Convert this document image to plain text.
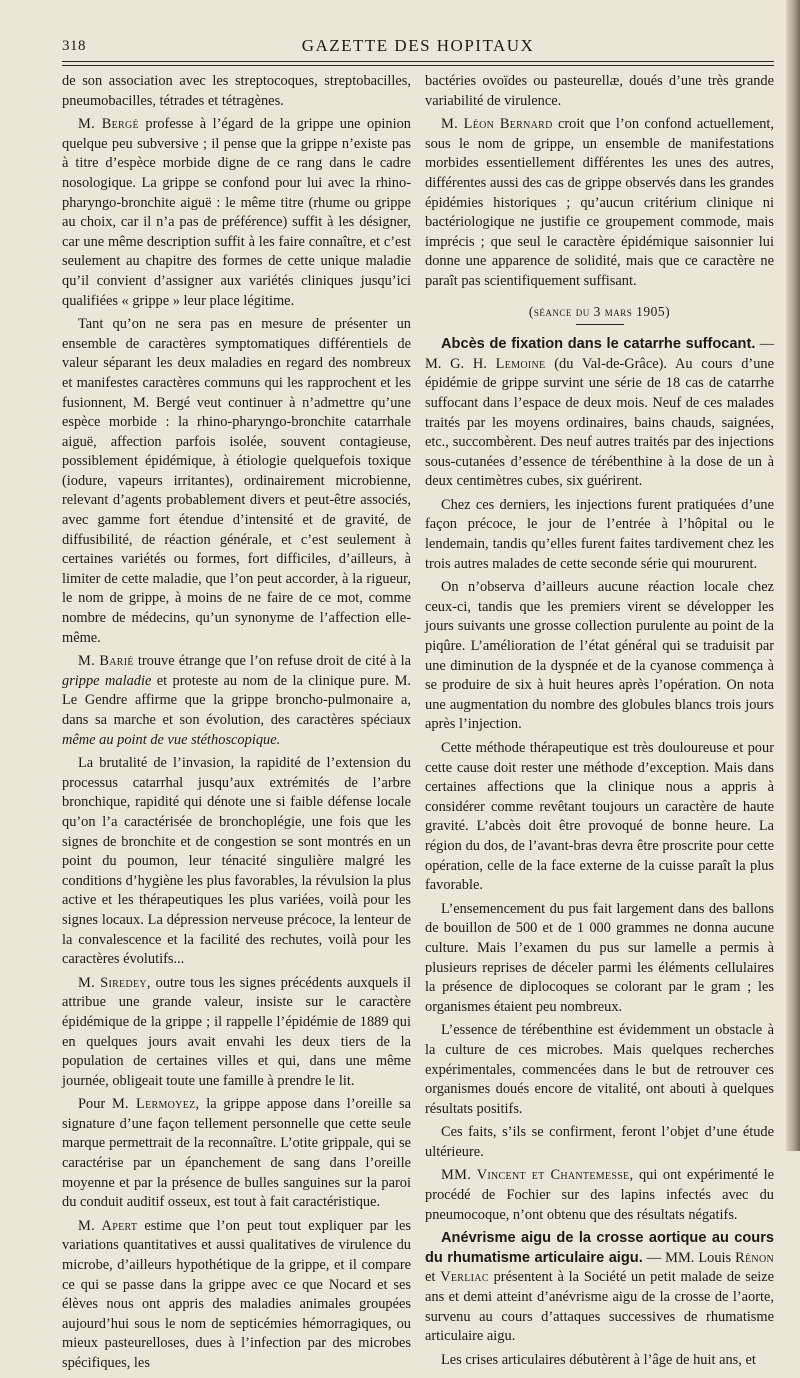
318	GAZETTE DES HOPITAUX

de son association avec les streptocoques, streptobacilles, pneumobacilles, tétrades et tétragènes.

M. Bergé professe à l’égard de la grippe une opinion quelque peu subversive ; il pense que la grippe n’existe pas à titre d’espèce morbide digne de ce rang dans le cadre nosologique. La grippe se confond pour lui avec la rhino-pharyngo-bronchite aiguë : le même titre (rhume ou grippe au choix, car il n’a pas de préférence) suffit à les désigner, car une même description suffit à les faire connaître, et c’est seulement au chapitre des formes de cette unique maladie qu’il convient d’assigner aux variétés cliniques jusqu’ici qualifiées « grippe » leur place légitime.

Tant qu’on ne sera pas en mesure de présenter un ensemble de caractères symptomatiques différentiels de valeur séparant les deux maladies en regard des nombreux et manifestes caractères communs qui les rapprochent et les fusionnent, M. Bergé veut continuer à n’admettre qu’une espèce morbide : la rhino-pharyngo-bronchite catarrhale aiguë, affection parfois isolée, souvent contagieuse, possiblement épidémique, à étiologie quelquefois toxique (iodure, vapeurs irritantes), ordinairement microbienne, relevant d’agents probablement divers et peut-être associés, avec gamme fort étendue d’intensité et de gravité, de diffusibilité, de réaction générale, et c’est seulement à certaines variétés ou formes, fort difficiles, d’ailleurs, à limiter de cette maladie, que l’on peut accorder, à la rigueur, le nom de grippe, à moins de ne faire de ce mot, comme nombre de médecins, qu’un synonyme de l’affection elle-même.

M. Barié trouve étrange que l’on refuse droit de cité à la grippe maladie et proteste au nom de la clinique pure. M. Le Gendre affirme que la grippe broncho-pulmonaire a, dans sa marche et son évolution, des caractères spéciaux même au point de vue stéthoscopique.

La brutalité de l’invasion, la rapidité de l’extension du processus catarrhal jusqu’aux extrémités de l’arbre bronchique, rapidité qui dénote une si faible défense locale qu’on l’a caractérisée de bronchoplégie, une fois que les signes de bronchite et de congestion se sont montrés en un point du poumon, leur ténacité singulière malgré les conditions d’hygiène les plus favorables, la révulsion la plus active et les thérapeutiques les plus variées, voilà pour les signes locaux. La dépression nerveuse précoce, la lenteur de la convalescence et la facilité des rechutes, voilà pour les caractères évolutifs...

M. Siredey, outre tous les signes précédents auxquels il attribue une grande valeur, insiste sur le caractère épidémique de la grippe ; il rappelle l’épidémie de 1889 qui en quelques jours avait envahi les deux tiers de la population de certaines villes et qui, dans une même journée, obligeait toute une famille à prendre le lit.

Pour M. Lermoyez, la grippe appose dans l’oreille sa signature d’une façon tellement personnelle que cette seule marque permettrait de la reconnaître. L’otite grippale, qui se caractérise par un épanchement de sang dans l’oreille moyenne et par la présence de bulles sanguines sur la paroi du conduit auditif osseux, est tout à fait caractéristique.

M. Apert estime que l’on peut tout expliquer par les variations quantitatives et aussi qualitatives de virulence du microbe, d’ailleurs hypothétique de la grippe, et il compare ce qui se passe dans la grippe avec ce que Nocard et ses élèves nous ont appris des maladies animales groupées aujourd’hui sous le nom de septicémies hémorragiques, ou mieux pasteurelloses, dues à l’infection par des microbes spécifiques, les

bactéries ovoïdes ou pasteurellæ, doués d’une très grande variabilité de virulence.

M. Léon Bernard croit que l’on confond actuellement, sous le nom de grippe, un ensemble de manifestations morbides essentiellement différentes les unes des autres, différentes aussi des cas de grippe observés dans les grandes épidémies historiques ; qu’aucun critérium clinique ni bactériologique ne justifie ce groupement commode, mais imprécis ; que seul le caractère épidémique saisonnier lui donne une apparence de solidité, mais que ce caractère ne paraît pas scientifiquement suffisant.

(séance du 3 mars 1905)

Abcès de fixation dans le catarrhe suffocant. — M. G. H. Lemoine (du Val-de-Grâce). Au cours d’une épidémie de grippe survint une série de 18 cas de catarrhe suffocant dans l’espace de deux mois. Neuf de ces malades traités par les moyens ordinaires, bains chauds, saignées, etc., succombèrent. Des neuf autres traités par des injections sous-cutanées d’essence de térébenthine à la dose de un à deux centimètres cubes, six guérirent.

Chez ces derniers, les injections furent pratiquées d’une façon précoce, le jour de l’entrée à l’hôpital ou le lendemain, tandis qu’elles furent faites tardivement chez les trois autres malades de cette seconde série qui moururent.

On n’observa d’ailleurs aucune réaction locale chez ceux-ci, tandis que les premiers virent se développer les jours suivants une grosse collection purulente au point de la piqûre. L’amélioration de l’état général qui se traduisit par une diminution de la dyspnée et de la cyanose commença à se produire de six à huit heures après l’opération. On nota une augmentation du nombre des globules blancs trois jours après l’injection.

Cette méthode thérapeutique est très douloureuse et pour cette cause doit rester une méthode d’exception. Mais dans certaines affections que la clinique nous a appris à considérer comme revêtant toujours un caractère de haute gravité. L’abcès doit être provoqué de bonne heure. La région du dos, de l’avant-bras devra être proscrite pour cette opération, celle de la face externe de la cuisse paraît la plus favorable.

L’ensemencement du pus fait largement dans des ballons de bouillon de 500 et de 1 000 grammes ne donna aucune culture. Mais l’examen du pus sur lamelle a permis à plusieurs reprises de déceler parmi les éléments cellulaires la présence de diplocoques se colorant par le gram ; les organismes étaient peu nombreux.

L’essence de térébenthine est évidemment un obstacle à la culture de ces microbes. Mais quelques recherches expérimentales, commencées dans le but de retrouver ces organismes doués encore de vitalité, ont abouti à quelques résultats positifs.

Ces faits, s’ils se confirment, feront l’objet d’une étude ultérieure.

MM. Vincent et Chantemesse, qui ont expérimenté le procédé de Fochier sur des lapins infectés avec du pneumocoque, n’ont obtenu que des résultats négatifs.

Anévrisme aigu de la crosse aortique au cours du rhumatisme articulaire aigu. — MM. Louis Rénon et Verliac présentent à la Société un petit malade de seize ans et demi atteint d’anévrisme aigu de la crosse de l’aorte, survenu au cours d’attaques successives de rhumatisme articulaire aigu.

Les crises articulaires débutèrent à l’âge de huit ans, et
